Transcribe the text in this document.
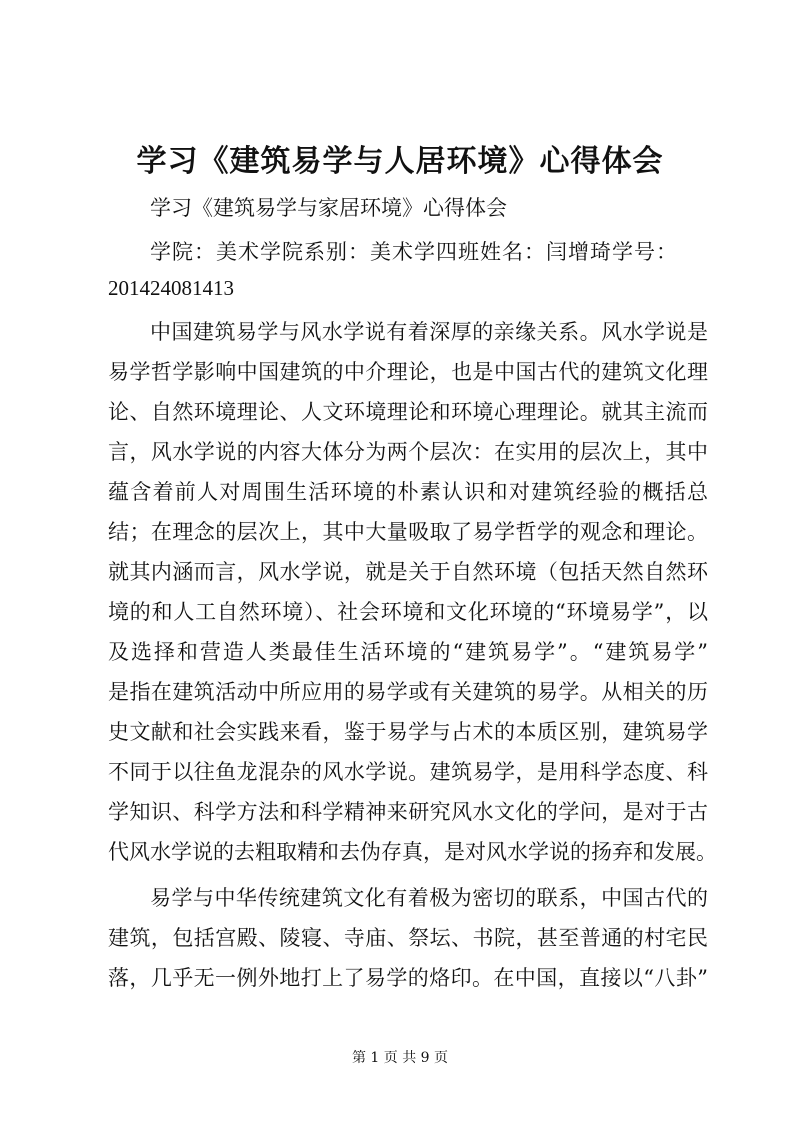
学习《建筑易学与人居环境》心得体会
学习《建筑易学与家居环境》心得体会
学院：美术学院系别：美术学四班姓名：闫增琦学号：
201424081413
中国建筑易学与风水学说有着深厚的亲缘关系。风水学说是
易学哲学影响中国建筑的中介理论，也是中国古代的建筑文化理
论、自然环境理论、人文环境理论和环境心理理论。就其主流而
言，风水学说的内容大体分为两个层次：在实用的层次上，其中
蕴含着前人对周围生活环境的朴素认识和对建筑经验的概括总
结；在理念的层次上，其中大量吸取了易学哲学的观念和理论。
就其内涵而言，风水学说，就是关于自然环境（包括天然自然环
境的和人工自然环境）、社会环境和文化环境的“环境易学”，以
及选择和营造人类最佳生活环境的“建筑易学”。“建筑易学”
是指在建筑活动中所应用的易学或有关建筑的易学。从相关的历
史文献和社会实践来看，鉴于易学与占术的本质区别，建筑易学
不同于以往鱼龙混杂的风水学说。建筑易学，是用科学态度、科
学知识、科学方法和科学精神来研究风水文化的学问，是对于古
代风水学说的去粗取精和去伪存真，是对风水学说的扬弃和发展。
易学与中华传统建筑文化有着极为密切的联系，中国古代的
建筑，包括宫殿、陵寝、寺庙、祭坛、书院，甚至普通的村宅民
落，几乎无一例外地打上了易学的烙印。在中国，直接以“八卦”
第 1 页 共 9 页
